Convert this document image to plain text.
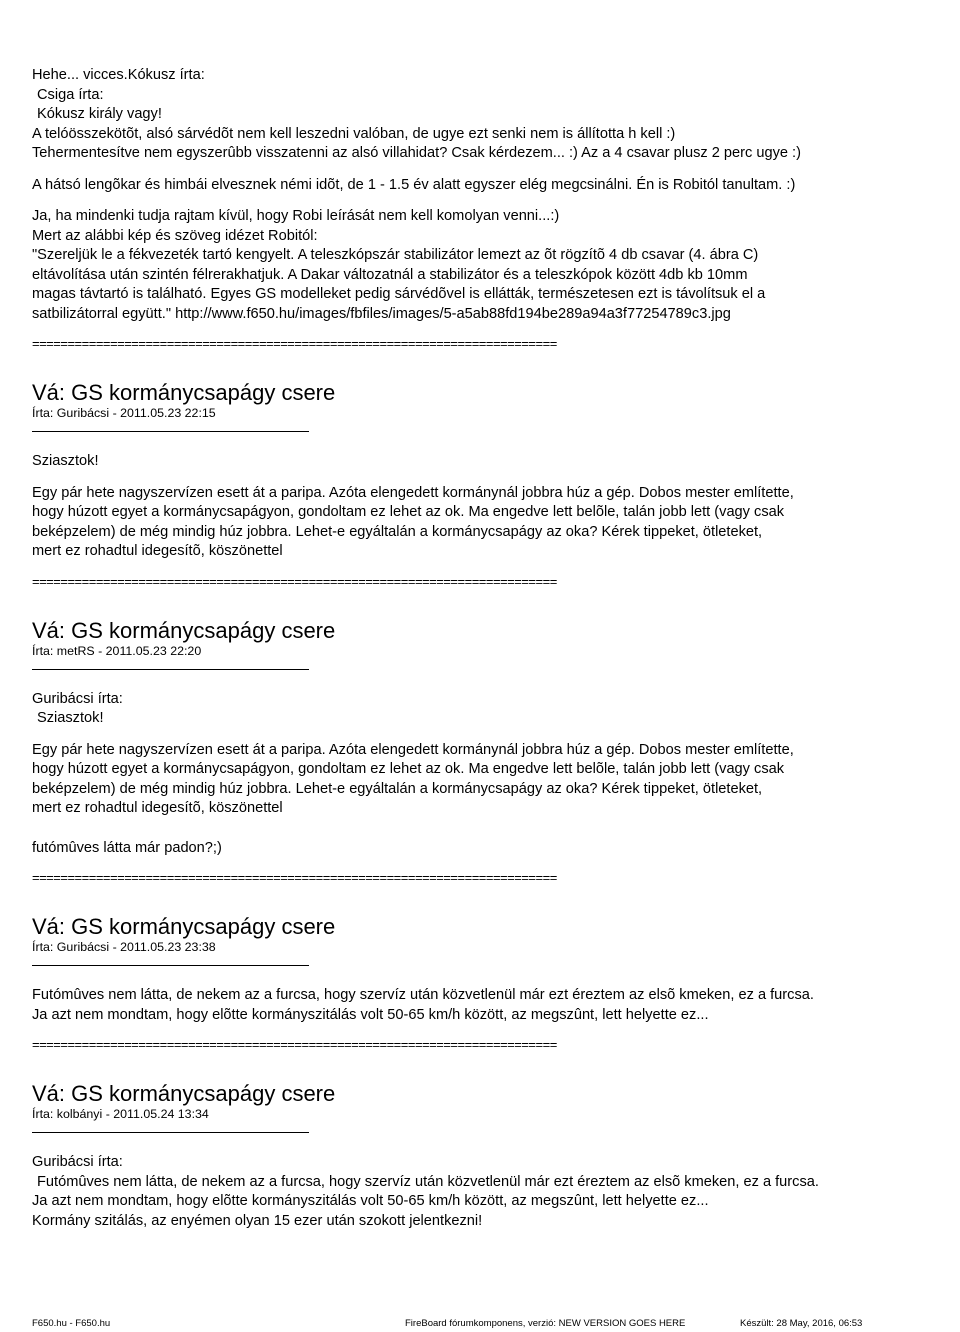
Hehe... vicces.Kókusz írta:
Csiga írta:
Kókusz király vagy!
A telóösszekötõt, alsó sárvédõt nem kell leszedni valóban, de ugye ezt senki nem is állította h kell :)
Tehermentesítve nem egyszerûbb visszatenni az alsó villahidat? Csak kérdezem... :) Az a 4 csavar plusz 2 perc ugye :)
A hátsó lengõkar és himbái elvesznek némi idõt, de 1 - 1.5 év alatt egyszer elég megcsinálni. Én is Robitól tanultam. :)
Ja, ha mindenki tudja rajtam kívül, hogy Robi leírását nem kell komolyan venni...:)
Mert az alábbi kép és szöveg idézet Robitól:
"Szereljük le a fékvezeték tartó kengyelt. A teleszkópszár stabilizátor lemezt az õt rögzítõ 4 db csavar (4. ábra C)
eltávolítása után szintén félrerakhatjuk. A Dakar változatnál a stabilizátor és a teleszkópok között 4db kb 10mm
magas távtartó is található. Egyes GS modelleket pedig sárvédõvel is ellátták, természetesen ezt is távolítsuk el a
satbilizátorral együtt." http://www.f650.hu/images/fbfiles/images/5-a5ab88fd194be289a94a3f77254789c3.jpg
==========================================================================
Vá: GS kormánycsapágy csere
Írta: Guribácsi - 2011.05.23 22:15
Sziasztok!
Egy pár hete nagyszervízen esett át a paripa. Azóta elengedett kormánynál jobbra húz a gép. Dobos mester említette,
hogy húzott egyet a kormánycsapágyon, gondoltam ez lehet az ok. Ma engedve lett belõle, talán jobb lett (vagy csak
beképzelem) de még mindig húz jobbra. Lehet-e egyáltalán a kormánycsapágy az oka? Kérek tippeket, ötleteket,
mert ez rohadtul idegesítõ, köszönettel
==========================================================================
Vá: GS kormánycsapágy csere
Írta: metRS - 2011.05.23 22:20
Guribácsi írta:
Sziasztok!
Egy pár hete nagyszervízen esett át a paripa. Azóta elengedett kormánynál jobbra húz a gép. Dobos mester említette,
hogy húzott egyet a kormánycsapágyon, gondoltam ez lehet az ok. Ma engedve lett belõle, talán jobb lett (vagy csak
beképzelem) de még mindig húz jobbra. Lehet-e egyáltalán a kormánycsapágy az oka? Kérek tippeket, ötleteket,
mert ez rohadtul idegesítõ, köszönettel
futómûves látta már padon?;)
==========================================================================
Vá: GS kormánycsapágy csere
Írta: Guribácsi - 2011.05.23 23:38
Futómûves nem látta, de nekem az a furcsa, hogy szervíz után közvetlenül már ezt éreztem az elsõ kmeken, ez a furcsa.
Ja azt nem mondtam, hogy elõtte kormányszitálás volt 50-65 km/h között, az megszûnt, lett helyette ez...
==========================================================================
Vá: GS kormánycsapágy csere
Írta: kolbányi - 2011.05.24 13:34
Guribácsi írta:
Futómûves nem látta, de nekem az a furcsa, hogy szervíz után közvetlenül már ezt éreztem az elsõ kmeken, ez a furcsa.
Ja azt nem mondtam, hogy elõtte kormányszitálás volt 50-65 km/h között, az megszûnt, lett helyette ez...
Kormány szitálás, az enyémen olyan 15 ezer után szokott jelentkezni!
F650.hu - F650.hu	FireBoard fórumkomponens, verzió: NEW VERSION GOES HERE	Készült: 28 May, 2016, 06:53
